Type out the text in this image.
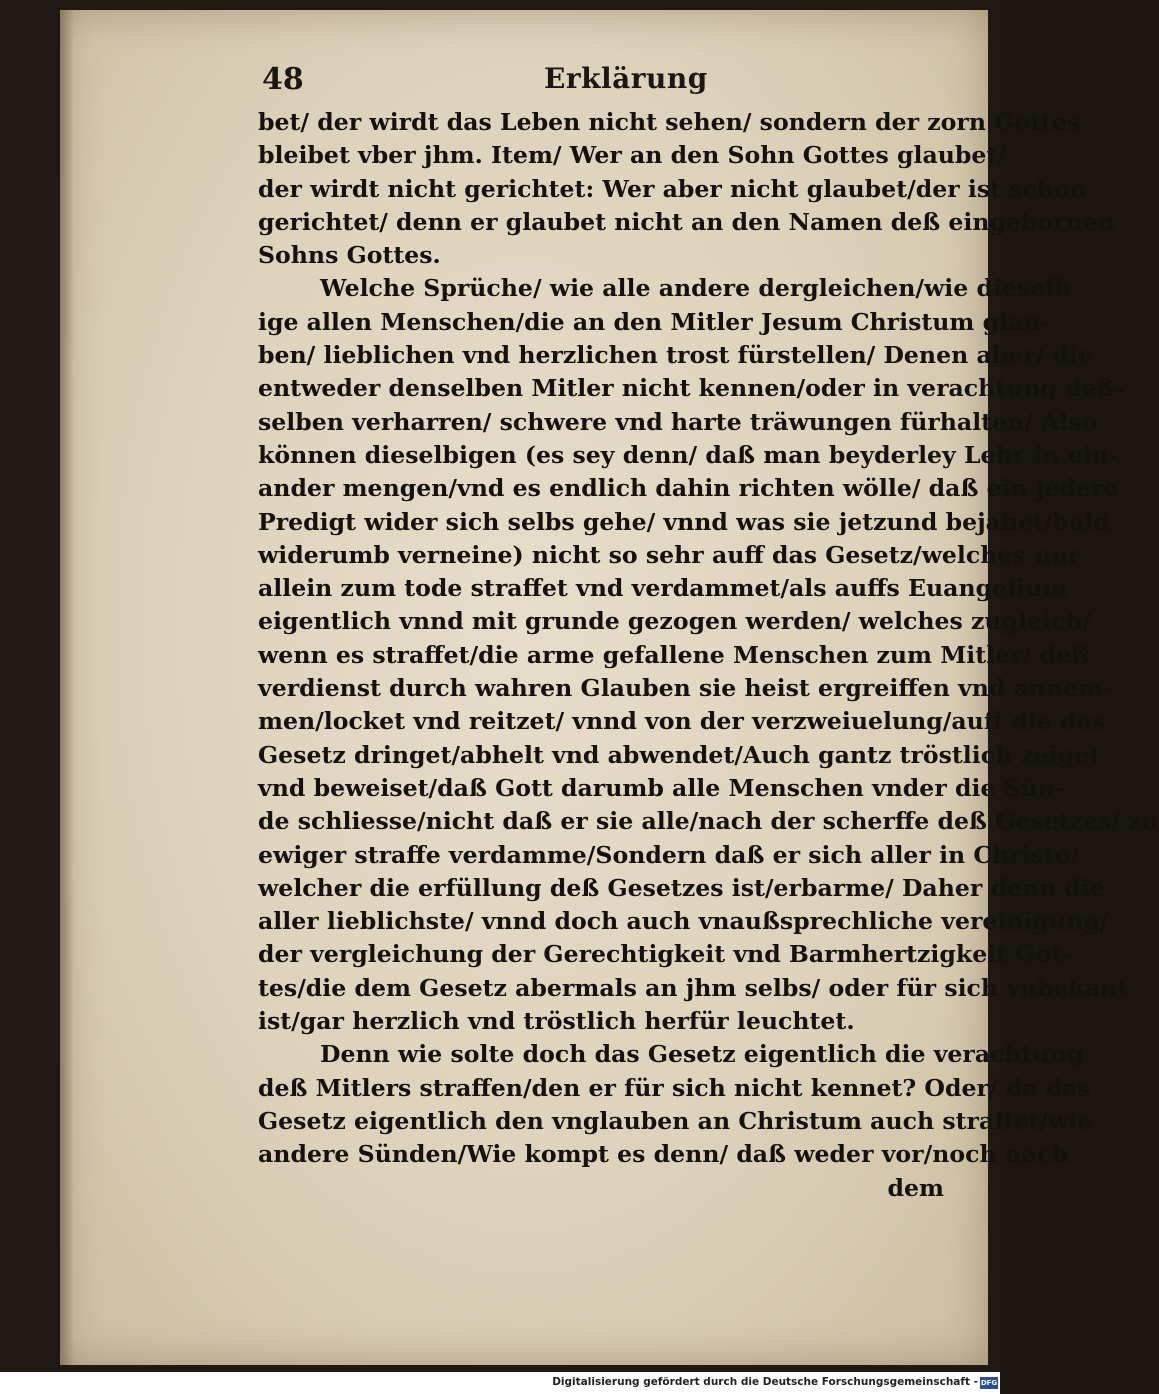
48	Erklärung
bet/ der wirdt das Leben nicht sehen/ sondern der zorn Gottes
bleibet vber jhm. Item/ Wer an den Sohn Gottes glaubet/
der wirdt nicht gerichtet: Wer aber nicht glaubet/der ist schon
gerichtet/ denn er glaubet nicht an den Namen deß eingebornen
Sohns Gottes.
Welche Sprüche/ wie alle andere dergleichen/wie dieselb
ige allen Menschen/die an den Mitler Jesum Christum glau-
ben/ lieblichen vnd herzlichen trost fürstellen/ Denen aber/ die
entweder denselben Mitler nicht kennen/oder in verachtung deß-
selben verharren/ schwere vnd harte träwungen fürhalten/ Also
können dieselbigen (es sey denn/ daß man beyderley Lehr in ein-
ander mengen/vnd es endlich dahin richten wölle/ daß ein jedere
Predigt wider sich selbs gehe/ vnnd was sie jetzund bejahet/bald
widerumb verneine) nicht so sehr auff das Gesetz/welches nur
allein zum tode straffet vnd verdammet/als auffs Euangelium
eigentlich vnnd mit grunde gezogen werden/ welches zugleich/
wenn es straffet/die arme gefallene Menschen zum Mitler/ deß
verdienst durch wahren Glauben sie heist ergreiffen vnd annem-
men/locket vnd reitzet/ vnnd von der verzweiuelung/auff die das
Gesetz dringet/abhelt vnd abwendet/Auch gantz tröstlich zeiget
vnd beweiset/daß Gott darumb alle Menschen vnder die Sün-
de schliesse/nicht daß er sie alle/nach der scherffe deß Gesetzes/ zu
ewiger straffe verdamme/Sondern daß er sich aller in Christo/
welcher die erfüllung deß Gesetzes ist/erbarme/ Daher denn die
aller lieblichste/ vnnd doch auch vnaußsprechliche vereinigung/
der vergleichung der Gerechtigkeit vnd Barmhertzigkeit Got-
tes/die dem Gesetz abermals an jhm selbs/ oder für sich vnbekant
ist/gar herzlich vnd tröstlich herfür leuchtet.
Denn wie solte doch das Gesetz eigentlich die verachtung
deß Mitlers straffen/den er für sich nicht kennet? Oder/ da das
Gesetz eigentlich den vnglauben an Christum auch straffet/wie
andere Sünden/Wie kompt es denn/ daß weder vor/noch nach
dem
Digitalisierung gefördert durch die Deutsche Forschungsgemeinschaft - DFG
